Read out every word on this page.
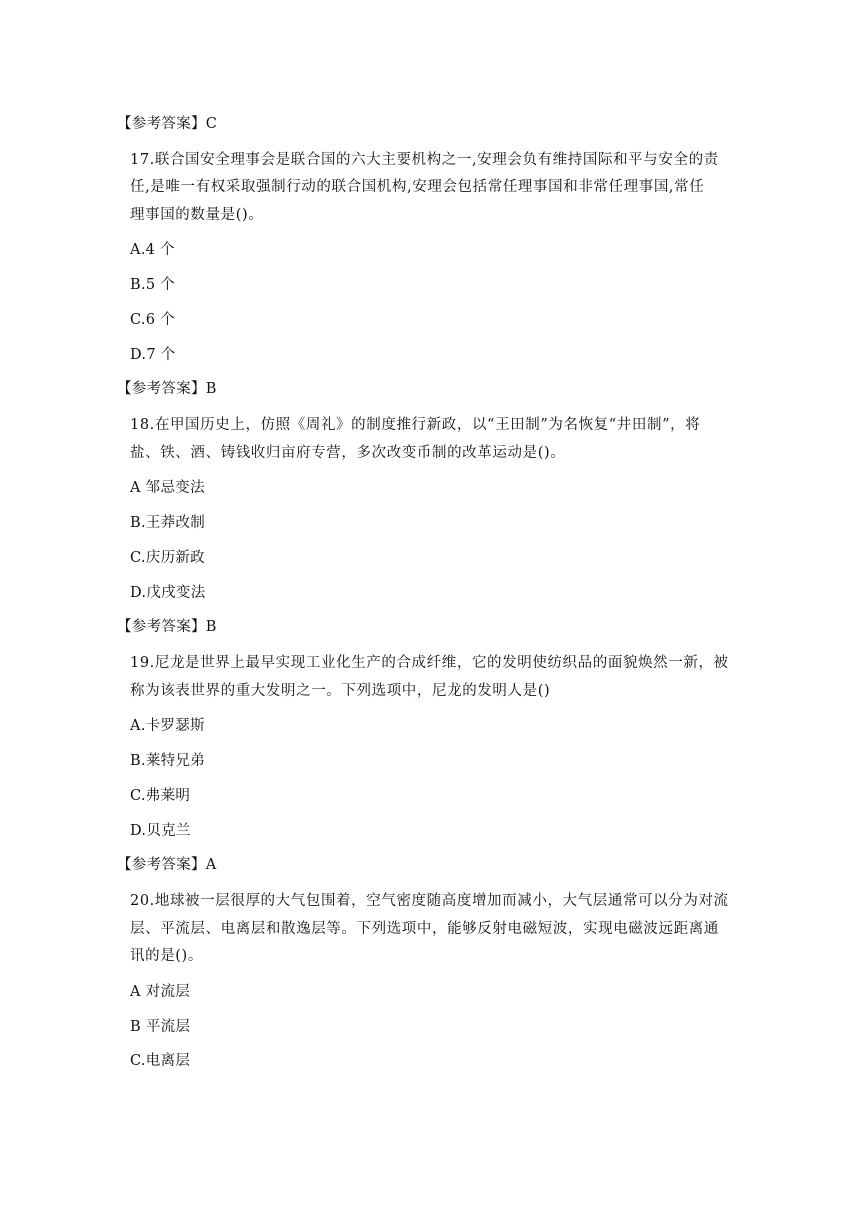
【参考答案】C
17.联合国安全理事会是联合国的六大主要机构之一,安理会负有维持国际和平与安全的责
任,是唯一有权采取强制行动的联合国机构,安理会包括常任理事国和非常任理事国,常任
理事国的数量是()。
A.4 个
B.5 个
C.6 个
D.7 个
【参考答案】B
18.在甲国历史上，仿照《周礼》的制度推行新政，以“王田制”为名恢复“井田制”，将
盐、铁、酒、铸钱收归亩府专营，多次改变币制的改革运动是()。
A 邹忌变法
B.王莽改制
C.庆历新政
D.戊戌变法
【参考答案】B
19.尼龙是世界上最早实现工业化生产的合成纤维，它的发明使纺织品的面貌焕然一新，被
称为该表世界的重大发明之一。下列选项中，尼龙的发明人是()
A.卡罗瑟斯
B.莱特兄弟
C.弗莱明
D.贝克兰
【参考答案】A
20.地球被一层很厚的大气包围着，空气密度随高度增加而减小，大气层通常可以分为对流
层、平流层、电离层和散逸层等。下列选项中，能够反射电磁短波，实现电磁波远距离通
讯的是()。
A 对流层
B 平流层
C.电离层
